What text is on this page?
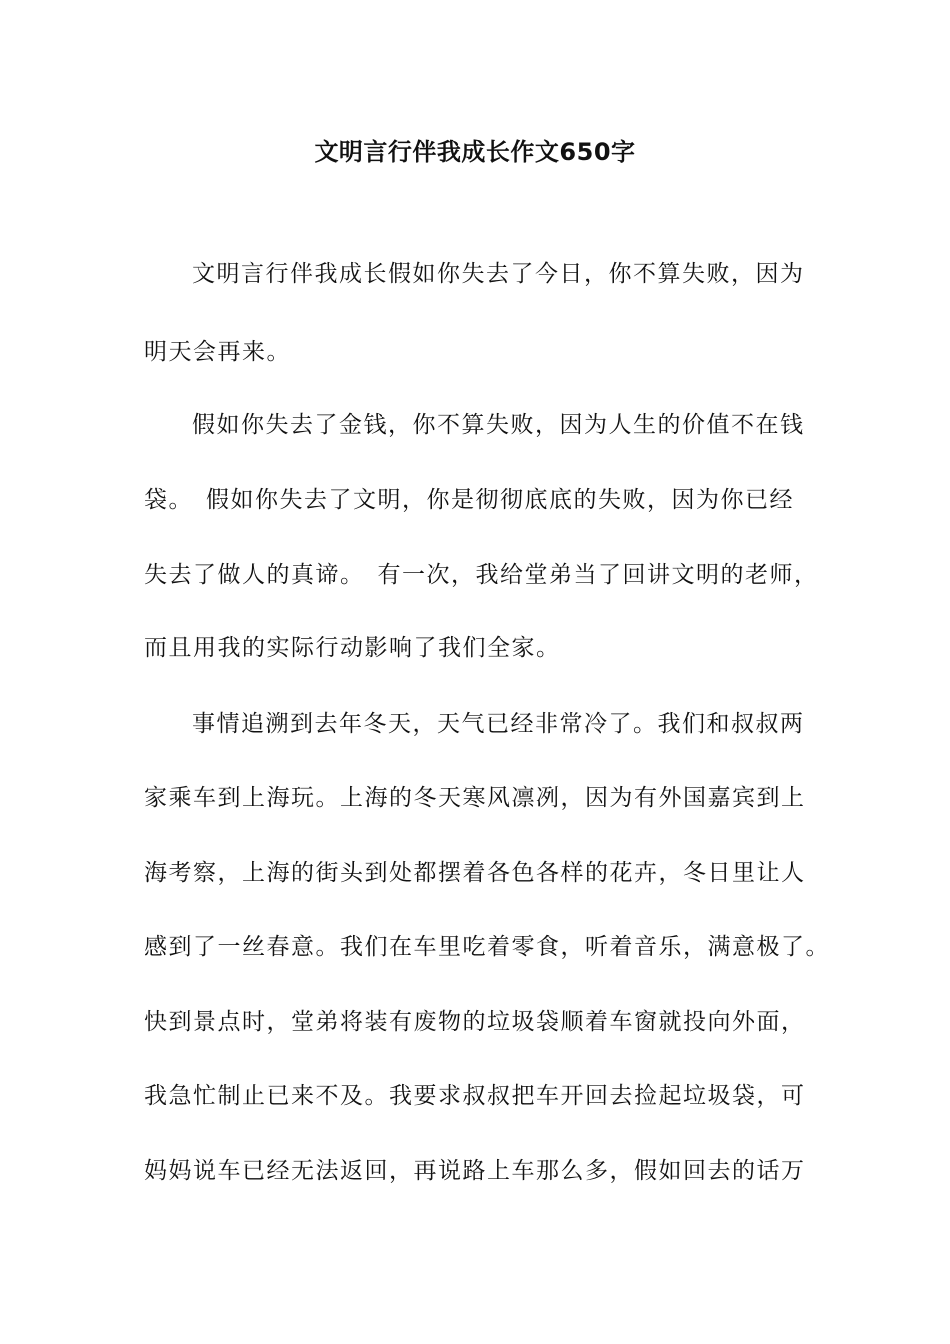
文明言行伴我成长作文650字
文明言行伴我成长假如你失去了今日，你不算失败，因为
明天会再来。
假如你失去了金钱，你不算失败，因为人生的价值不在钱
袋。　假如你失去了文明，你是彻彻底底的失败，因为你已经
失去了做人的真谛。　有一次，我给堂弟当了回讲文明的老师，
而且用我的实际行动影响了我们全家。
事情追溯到去年冬天，天气已经非常冷了。我们和叔叔两
家乘车到上海玩。上海的冬天寒风凛冽，因为有外国嘉宾到上
海考察，上海的街头到处都摆着各色各样的花卉，冬日里让人
感到了一丝春意。我们在车里吃着零食，听着音乐，满意极了。
快到景点时，堂弟将装有废物的垃圾袋顺着车窗就投向外面，
我急忙制止已来不及。我要求叔叔把车开回去捡起垃圾袋，可
妈妈说车已经无法返回，再说路上车那么多，假如回去的话万
